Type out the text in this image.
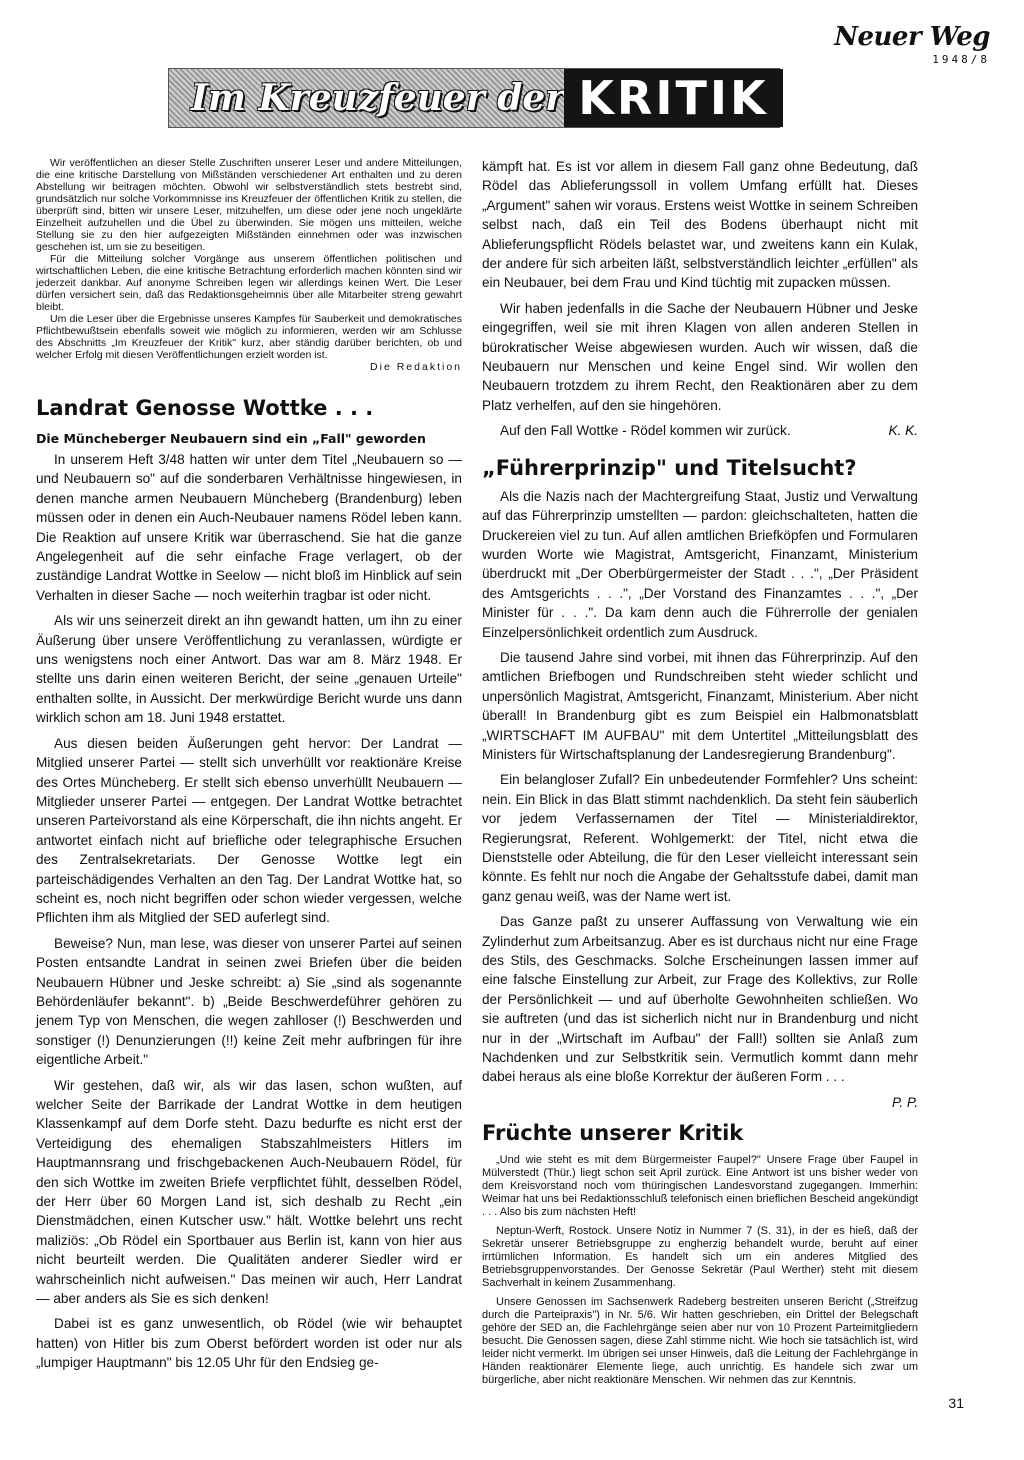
Neuer Weg
1948/8
Im Kreuzfeuer der KRITIK

Wir veröffentlichen an dieser Stelle Zuschriften unserer Leser und andere Mitteilungen, die eine kritische Darstellung von Mißständen verschiedener Art enthalten und zu deren Abstellung wir beitragen möchten. Obwohl wir selbstverständlich stets bestrebt sind, grundsätzlich nur solche Vorkommnisse ins Kreuzfeuer der öffentlichen Kritik zu stellen, die überprüft sind, bitten wir unsere Leser, mitzuhelfen, um diese oder jene noch ungeklärte Einzelheit aufzuhellen und die Übel zu überwinden. Sie mögen uns mitteilen, welche Stellung sie zu den hier aufgezeigten Mißständen einnehmen oder was inzwischen geschehen ist, um sie zu beseitigen.

Für die Mitteilung solcher Vorgänge aus unserem öffentlichen politischen und wirtschaftlichen Leben, die eine kritische Betrachtung erforderlich machen könnten sind wir jederzeit dankbar. Auf anonyme Schreiben legen wir allerdings keinen Wert. Die Leser dürfen versichert sein, daß das Redaktionsgeheimnis über alle Mitarbeiter streng gewahrt bleibt.

Um die Leser über die Ergebnisse unseres Kampfes für Sauberkeit und demokratisches Pflichtbewußtsein ebenfalls soweit wie möglich zu informieren, werden wir am Schlusse des Abschnitts „Im Kreuzfeuer der Kritik" kurz, aber ständig darüber berichten, ob und welcher Erfolg mit diesen Veröffentlichungen erzielt worden ist.

Die Redaktion
Landrat Genosse Wottke . . .
Die Müncheberger Neubauern sind ein „Fall" geworden

In unserem Heft 3/48 hatten wir unter dem Titel „Neubauern so — und Neubauern so" auf die sonderbaren Verhältnisse hingewiesen, in denen manche armen Neubauern Müncheberg (Brandenburg) leben müssen oder in denen ein Auch-Neubauer namens Rödel leben kann. Die Reaktion auf unsere Kritik war überraschend. Sie hat die ganze Angelegenheit auf die sehr einfache Frage verlagert, ob der zuständige Landrat Wottke in Seelow — nicht bloß im Hinblick auf sein Verhalten in dieser Sache — noch weiterhin tragbar ist oder nicht.

Als wir uns seinerzeit direkt an ihn gewandt hatten, um ihn zu einer Äußerung über unsere Veröffentlichung zu veranlassen, würdigte er uns wenigstens noch einer Antwort. Das war am 8. März 1948. Er stellte uns darin einen weiteren Bericht, der seine „genauen Urteile" enthalten sollte, in Aussicht. Der merkwürdige Bericht wurde uns dann wirklich schon am 18. Juni 1948 erstattet.

Aus diesen beiden Äußerungen geht hervor: Der Landrat — Mitglied unserer Partei — stellt sich unverhüllt vor reaktionäre Kreise des Ortes Müncheberg. Er stellt sich ebenso unverhüllt Neubauern — Mitglieder unserer Partei — entgegen. Der Landrat Wottke betrachtet unseren Parteivorstand als eine Körperschaft, die ihn nichts angeht. Er antwortet einfach nicht auf briefliche oder telegraphische Ersuchen des Zentralsekretariats. Der Genosse Wottke legt ein parteischädigendes Verhalten an den Tag. Der Landrat Wottke hat, so scheint es, noch nicht begriffen oder schon wieder vergessen, welche Pflichten ihm als Mitglied der SED auferlegt sind.

Beweise? Nun, man lese, was dieser von unserer Partei auf seinen Posten entsandte Landrat in seinen zwei Briefen über die beiden Neubauern Hübner und Jeske schreibt: a) Sie „sind als sogenannte Behördenläufer bekannt". b) „Beide Beschwerdeführer gehören zu jenem Typ von Menschen, die wegen zahlloser (!) Beschwerden und sonstiger (!) Denunzierungen (!!) keine Zeit mehr aufbringen für ihre eigentliche Arbeit."

Wir gestehen, daß wir, als wir das lasen, schon wußten, auf welcher Seite der Barrikade der Landrat Wottke in dem heutigen Klassenkampf auf dem Dorfe steht. Dazu bedurfte es nicht erst der Verteidigung des ehemaligen Stabszahlmeisters Hitlers im Hauptmannsrang und frischgebackenen Auch-Neubauern Rödel, für den sich Wottke im zweiten Briefe verpflichtet fühlt, desselben Rödel, der Herr über 60 Morgen Land ist, sich deshalb zu Recht „ein Dienstmädchen, einen Kutscher usw." hält. Wottke belehrt uns recht maliziös: „Ob Rödel ein Sportbauer aus Berlin ist, kann von hier aus nicht beurteilt werden. Die Qualitäten anderer Siedler wird er wahrscheinlich nicht aufweisen." Das meinen wir auch, Herr Landrat — aber anders als Sie es sich denken!

Dabei ist es ganz unwesentlich, ob Rödel (wie wir behauptet hatten) von Hitler bis zum Oberst befördert worden ist oder nur als „lumpiger Hauptmann" bis 12.05 Uhr für den Endsieg ge-

kämpft hat. Es ist vor allem in diesem Fall ganz ohne Bedeutung, daß Rödel das Ablieferungssoll in vollem Umfang erfüllt hat. Dieses „Argument" sahen wir voraus. Erstens weist Wottke in seinem Schreiben selbst nach, daß ein Teil des Bodens überhaupt nicht mit Ablieferungspflicht Rödels belastet war, und zweitens kann ein Kulak, der andere für sich arbeiten läßt, selbstverständlich leichter „erfüllen" als ein Neubauer, bei dem Frau und Kind tüchtig mit zupacken müssen.

Wir haben jedenfalls in die Sache der Neubauern Hübner und Jeske eingegriffen, weil sie mit ihren Klagen von allen anderen Stellen in bürokratischer Weise abgewiesen wurden. Auch wir wissen, daß die Neubauern nur Menschen und keine Engel sind. Wir wollen den Neubauern trotzdem zu ihrem Recht, den Reaktionären aber zu dem Platz verhelfen, auf den sie hingehören.

K. K.
Auf den Fall Wottke - Rödel kommen wir zurück.

„Führerprinzip" und Titelsucht?

Als die Nazis nach der Machtergreifung Staat, Justiz und Verwaltung auf das Führerprinzip umstellten — pardon: gleichschalteten, hatten die Druckereien viel zu tun. Auf allen amtlichen Briefköpfen und Formularen wurden Worte wie Magistrat, Amtsgericht, Finanzamt, Ministerium überdruckt mit „Der Oberbürgermeister der Stadt . . .", „Der Präsident des Amtsgerichts . . .", „Der Vorstand des Finanzamtes . . .", „Der Minister für . . .". Da kam denn auch die Führerrolle der genialen Einzelpersönlichkeit ordentlich zum Ausdruck.

Die tausend Jahre sind vorbei, mit ihnen das Führerprinzip. Auf den amtlichen Briefbogen und Rundschreiben steht wieder schlicht und unpersönlich Magistrat, Amtsgericht, Finanzamt, Ministerium. Aber nicht überall! In Brandenburg gibt es zum Beispiel ein Halbmonatsblatt „WIRTSCHAFT IM AUFBAU" mit dem Untertitel „Mitteilungsblatt des Ministers für Wirtschaftsplanung der Landesregierung Brandenburg".

Ein belangloser Zufall? Ein unbedeutender Formfehler? Uns scheint: nein. Ein Blick in das Blatt stimmt nachdenklich. Da steht fein säuberlich vor jedem Verfassernamen der Titel — Ministerialdirektor, Regierungsrat, Referent. Wohlgemerkt: der Titel, nicht etwa die Dienststelle oder Abteilung, die für den Leser vielleicht interessant sein könnte. Es fehlt nur noch die Angabe der Gehaltsstufe dabei, damit man ganz genau weiß, was der Name wert ist.

Das Ganze paßt zu unserer Auffassung von Verwaltung wie ein Zylinderhut zum Arbeitsanzug. Aber es ist durchaus nicht nur eine Frage des Stils, des Geschmacks. Solche Erscheinungen lassen immer auf eine falsche Einstellung zur Arbeit, zur Frage des Kollektivs, zur Rolle der Persönlichkeit — und auf überholte Gewohnheiten schließen. Wo sie auftreten (und das ist sicherlich nicht nur in Brandenburg und nicht nur in der „Wirtschaft im Aufbau" der Fall!) sollten sie Anlaß zum Nachdenken und zur Selbstkritik sein. Vermutlich kommt dann mehr dabei heraus als eine bloße Korrektur der äußeren Form . . .

P. P.

Früchte unserer Kritik

„Und wie steht es mit dem Bürgermeister Faupel?" Unsere Frage über Faupel in Mülverstedt (Thür.) liegt schon seit April zurück. Eine Antwort ist uns bisher weder von dem Kreisvorstand noch vom thüringischen Landesvorstand zugegangen. Immerhin: Weimar hat uns bei Redaktionsschluß telefonisch einen brieflichen Bescheid angekündigt . . . Also bis zum nächsten Heft!

Neptun-Werft, Rostock. Unsere Notiz in Nummer 7 (S. 31), in der es hieß, daß der Sekretär unserer Betriebsgruppe zu engherzig behandelt wurde, beruht auf einer irrtümlichen Information. Es handelt sich um ein anderes Mitglied des Betriebsgruppenvorstandes. Der Genosse Sekretär (Paul Werther) steht mit diesem Sachverhalt in keinem Zusammenhang.

Unsere Genossen im Sachsenwerk Radeberg bestreiten unseren Bericht („Streifzug durch die Parteipraxis") in Nr. 5/6. Wir hatten geschrieben, ein Drittel der Belegschaft gehöre der SED an, die Fachlehrgänge seien aber nur von 10 Prozent Parteimitgliedern besucht. Die Genossen sagen, diese Zahl stimme nicht. Wie hoch sie tatsächlich ist, wird leider nicht vermerkt. Im übrigen sei unser Hinweis, daß die Leitung der Fachlehrgänge in Händen reaktionärer Elemente liege, auch unrichtig. Es handele sich zwar um bürgerliche, aber nicht reaktionäre Menschen. Wir nehmen das zur Kenntnis.

31
